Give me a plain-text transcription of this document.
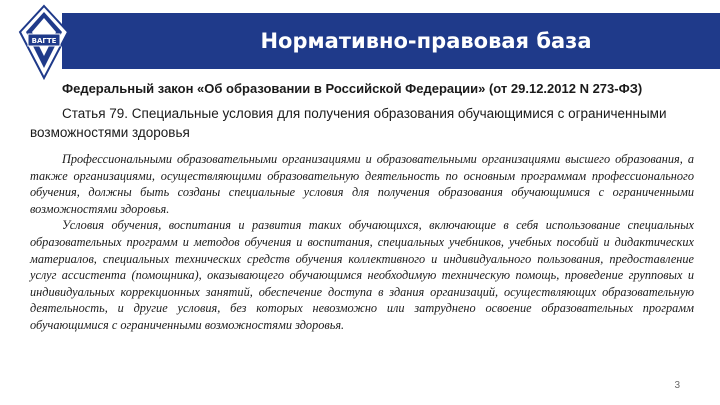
Нормативно-правовая база
ВАГТЕ
Федеральный закон «Об образовании в Российской Федерации» (от 29.12.2012 N 273-ФЗ)
Статья 79. Специальные условия для получения образования обучающимися с ограниченными возможностями здоровья

Профессиональными образовательными организациями и образовательными организациями высшего образования, а также организациями, осуществляющими образовательную деятельность по основным программам профессионального обучения, должны быть созданы специальные условия для получения образования обучающимися с ограниченными возможностями здоровья.

Условия обучения, воспитания и развития таких обучающихся, включающие в себя использование специальных образовательных программ и методов обучения и воспитания, специальных учебников, учебных пособий и дидактических материалов, специальных технических средств обучения коллективного и индивидуального пользования, предоставление услуг ассистента (помощника), оказывающего обучающимся необходимую техническую помощь, проведение групповых и индивидуальных коррекционных занятий, обеспечение доступа в здания организаций, осуществляющих образовательную деятельность, и другие условия, без которых невозможно или затруднено освоение образовательных программ обучающимися с ограниченными возможностями здоровья.

3
